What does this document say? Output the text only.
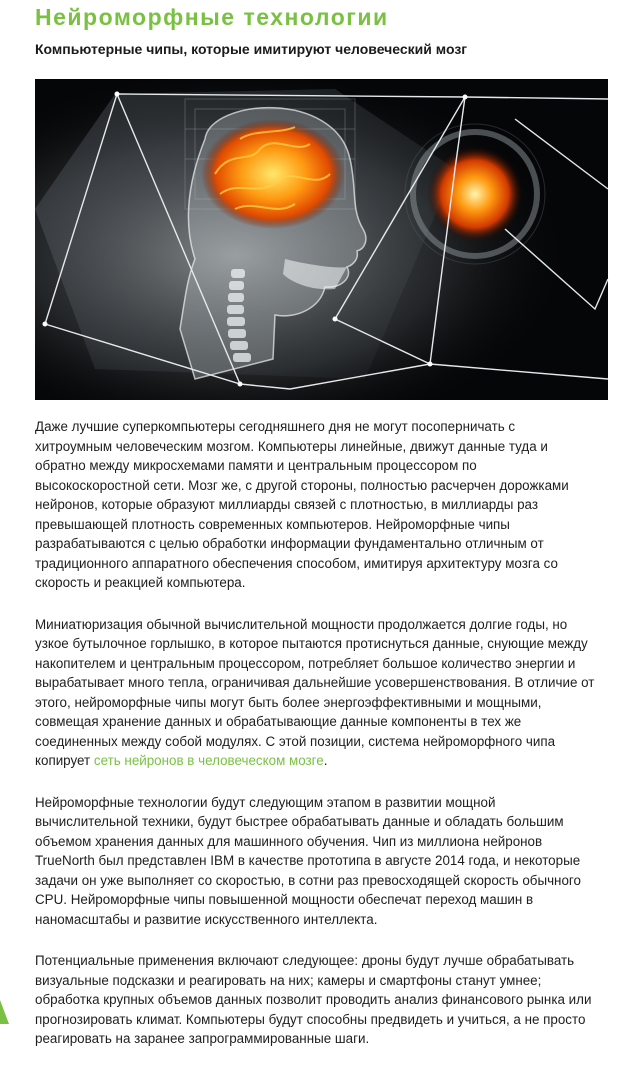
Нейроморфные технологии
Компьютерные чипы, которые имитируют человеческий мозг

Даже лучшие суперкомпьютеры сегодняшнего дня не могут посоперничать с хитроумным человеческим мозгом. Компьютеры линейные, движут данные туда и обратно между микросхемами памяти и центральным процессором по высокоскоростной сети. Мозг же, с другой стороны, полностью расчерчен дорожками нейронов, которые образуют миллиарды связей с плотностью, в миллиарды раз превышающей плотность современных компьютеров. Нейроморфные чипы разрабатываются с целью обработки информации фундаментально отличным от традиционного аппаратного обеспечения способом, имитируя архитектуру мозга со скорость и реакцией компьютера.

Миниатюризация обычной вычислительной мощности продолжается долгие годы, но узкое бутылочное горлышко, в которое пытаются протиснуться данные, снующие между накопителем и центральным процессором, потребляет большое количество энергии и вырабатывает много тепла, ограничивая дальнейшие усовершенствования. В отличие от этого, нейроморфные чипы могут быть более энергоэффективными и мощными, совмещая хранение данных и обрабатывающие данные компоненты в тех же соединенных между собой модулях. С этой позиции, система нейроморфного чипа копирует сеть нейронов в человеческом мозге.

Нейроморфные технологии будут следующим этапом в развитии мощной вычислительной техники, будут быстрее обрабатывать данные и обладать большим объемом хранения данных для машинного обучения. Чип из миллиона нейронов TrueNorth был представлен IBM в качестве прототипа в августе 2014 года, и некоторые задачи он уже выполняет со скоростью, в сотни раз превосходящей скорость обычного CPU. Нейроморфные чипы повышенной мощности обеспечат переход машин в наномасштабы и развитие искусственного интеллекта.

Потенциальные применения включают следующее: дроны будут лучше обрабатывать визуальные подсказки и реагировать на них; камеры и смартфоны станут умнее; обработка крупных объемов данных позволит проводить анализ финансового рынка или прогнозировать климат. Компьютеры будут способны предвидеть и учиться, а не просто реагировать на заранее запрограммированные шаги.
